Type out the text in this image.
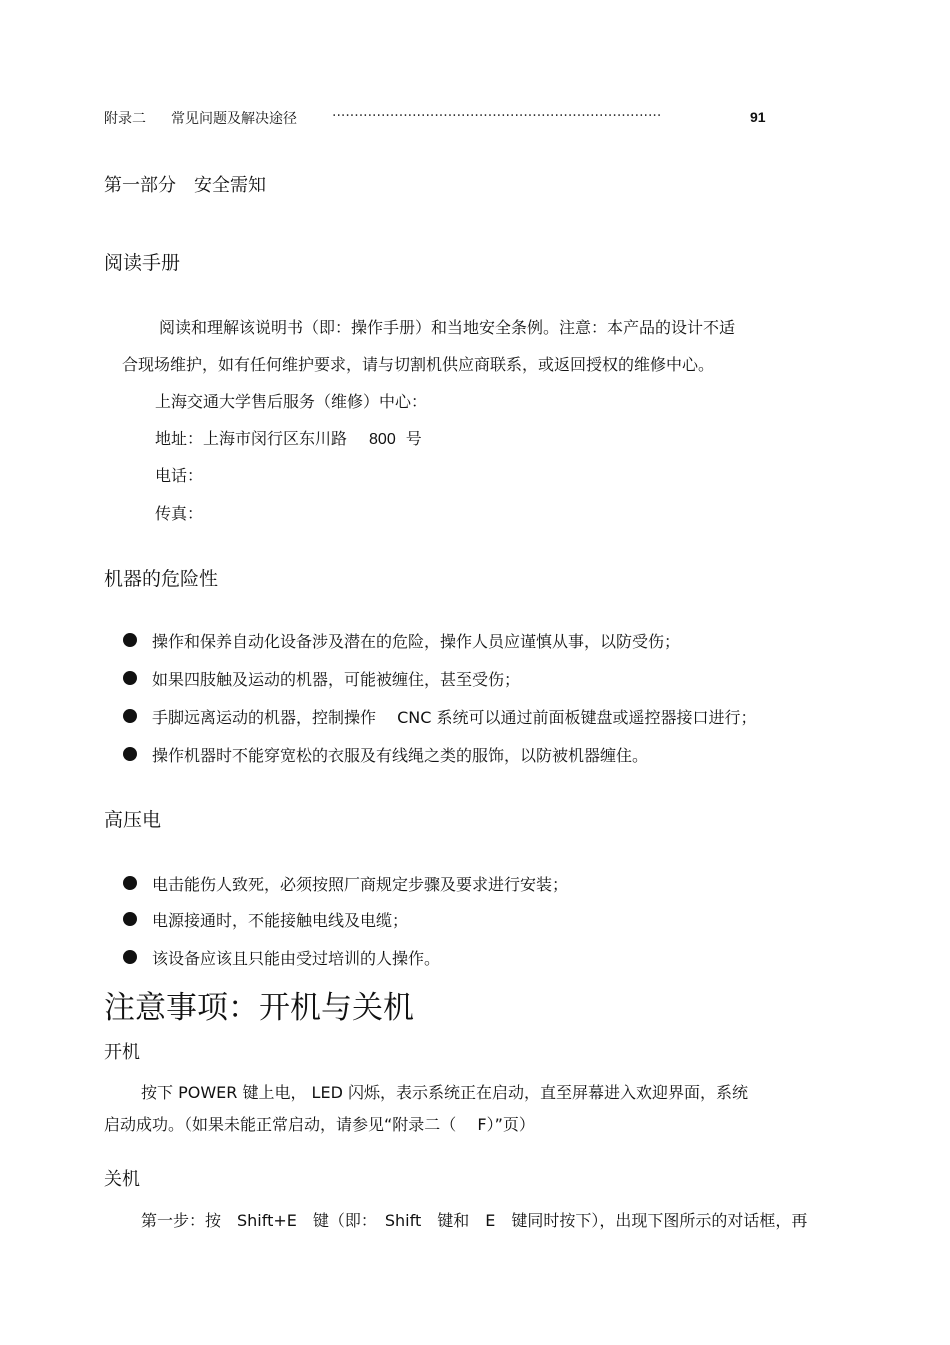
附录二 常见问题及解决途径	··········································································	91
第一部分　安全需知
阅读手册
阅读和理解该说明书（即：操作手册）和当地安全条例。注意：本产品的设计不适
合现场维护，如有任何维护要求，请与切割机供应商联系，或返回授权的维修中心。
上海交通大学售后服务（维修）中心：
地址：上海市闵行区东川路 800 号
电话：
传真：
机器的危险性
操作和保养自动化设备涉及潜在的危险，操作人员应谨慎从事，以防受伤；
如果四肢触及运动的机器，可能被缠住，甚至受伤；
手脚远离运动的机器，控制操作　 CNC 系统可以通过前面板键盘或遥控器接口进行；
操作机器时不能穿宽松的衣服及有线绳之类的服饰，以防被机器缠住。
高压电
电击能伤人致死，必须按照厂商规定步骤及要求进行安装；
电源接通时，不能接触电线及电缆；
该设备应该且只能由受过培训的人操作。
注意事项：开机与关机
开机
按下 POWER 键上电， LED 闪烁，表示系统正在启动，直至屏幕进入欢迎界面，系统
启动成功。（如果未能正常启动，请参见“附录二（　 F）”页）
关机
第一步：按　Shift+E　键（即：　Shift　键和　E　键同时按下），出现下图所示的对话框，再
